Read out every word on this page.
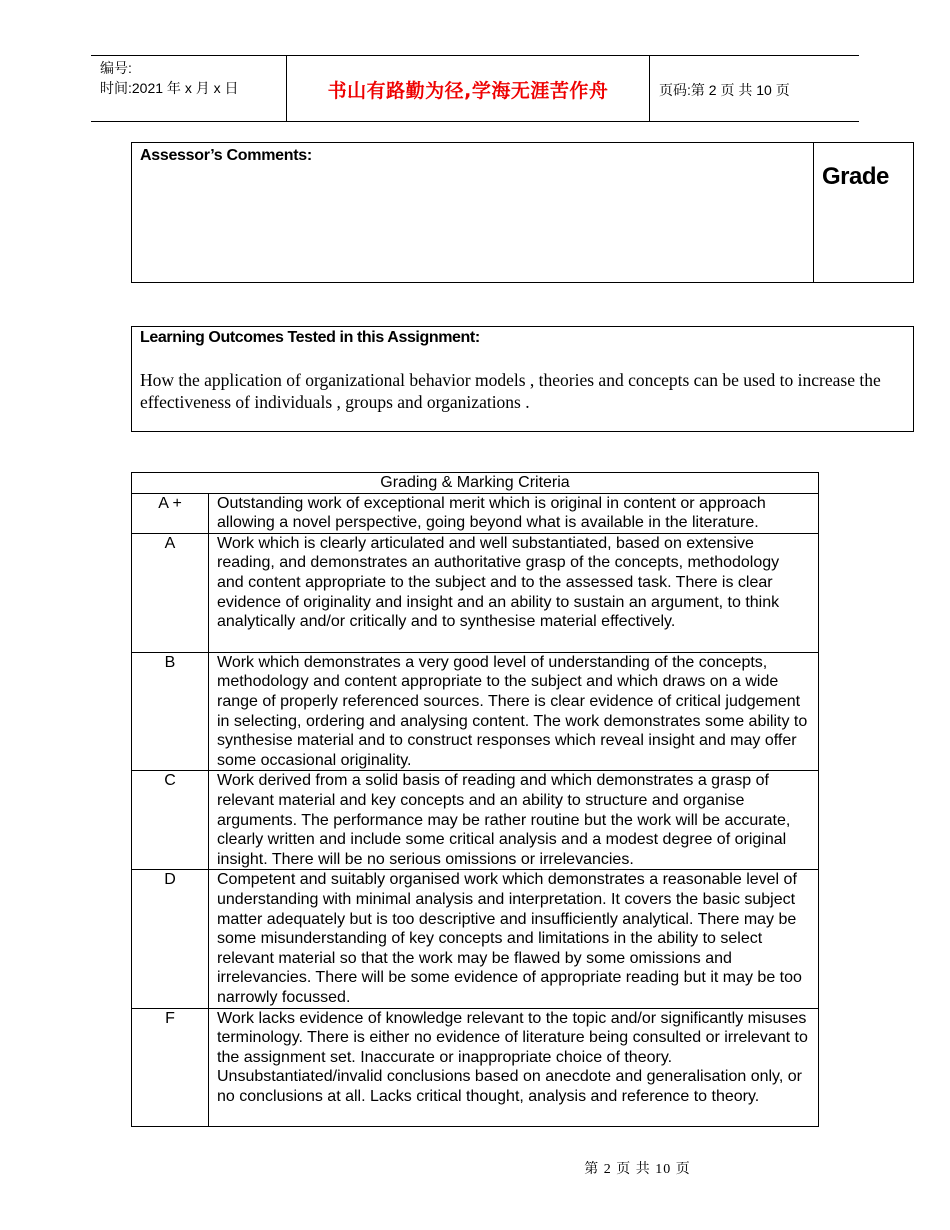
编号:
时间:2021 年 x 月 x 日	书山有路勤为径,学海无涯苦作舟	页码:第 2 页 共 10 页
Assessor’s Comments:
Grade
Learning Outcomes Tested in this Assignment:
How the application of organizational behavior models , theories and concepts can be used to increase the effectiveness of individuals , groups and organizations .
Grading & Marking Criteria	
A +	Outstanding work of exceptional merit which is original in content or approach allowing a novel perspective, going beyond what is available in the literature.
A	Work which is clearly articulated and well substantiated, based on extensive reading, and demonstrates an authoritative grasp of the concepts, methodology and content appropriate to the subject and to the assessed task. There is clear evidence of originality and insight and an ability to sustain an argument, to think analytically and/or critically and to synthesise material effectively.
B	Work which demonstrates a very good level of understanding of the concepts, methodology and content appropriate to the subject and which draws on a wide range of properly referenced sources. There is clear evidence of critical judgement in selecting, ordering and analysing content. The work demonstrates some ability to synthesise material and to construct responses which reveal insight and may offer some occasional originality.
C	Work derived from a solid basis of reading and which demonstrates a grasp of relevant material and key concepts and an ability to structure and organise arguments. The performance may be rather routine but the work will be accurate, clearly written and include some critical analysis and a modest degree of original insight. There will be no serious omissions or irrelevancies.
D	Competent and suitably organised work which demonstrates a reasonable level of understanding with minimal analysis and interpretation. It covers the basic subject matter adequately but is too descriptive and insufficiently analytical. There may be some misunderstanding of key concepts and limitations in the ability to select relevant material so that the work may be flawed by some omissions and irrelevancies. There will be some evidence of appropriate reading but it may be too narrowly focussed.
F	Work lacks evidence of knowledge relevant to the topic and/or significantly misuses terminology. There is either no evidence of literature being consulted or irrelevant to the assignment set. Inaccurate or inappropriate choice of theory. Unsubstantiated/invalid conclusions based on anecdote and generalisation only, or no conclusions at all. Lacks critical thought, analysis and reference to theory.
第 2 页 共 10 页
